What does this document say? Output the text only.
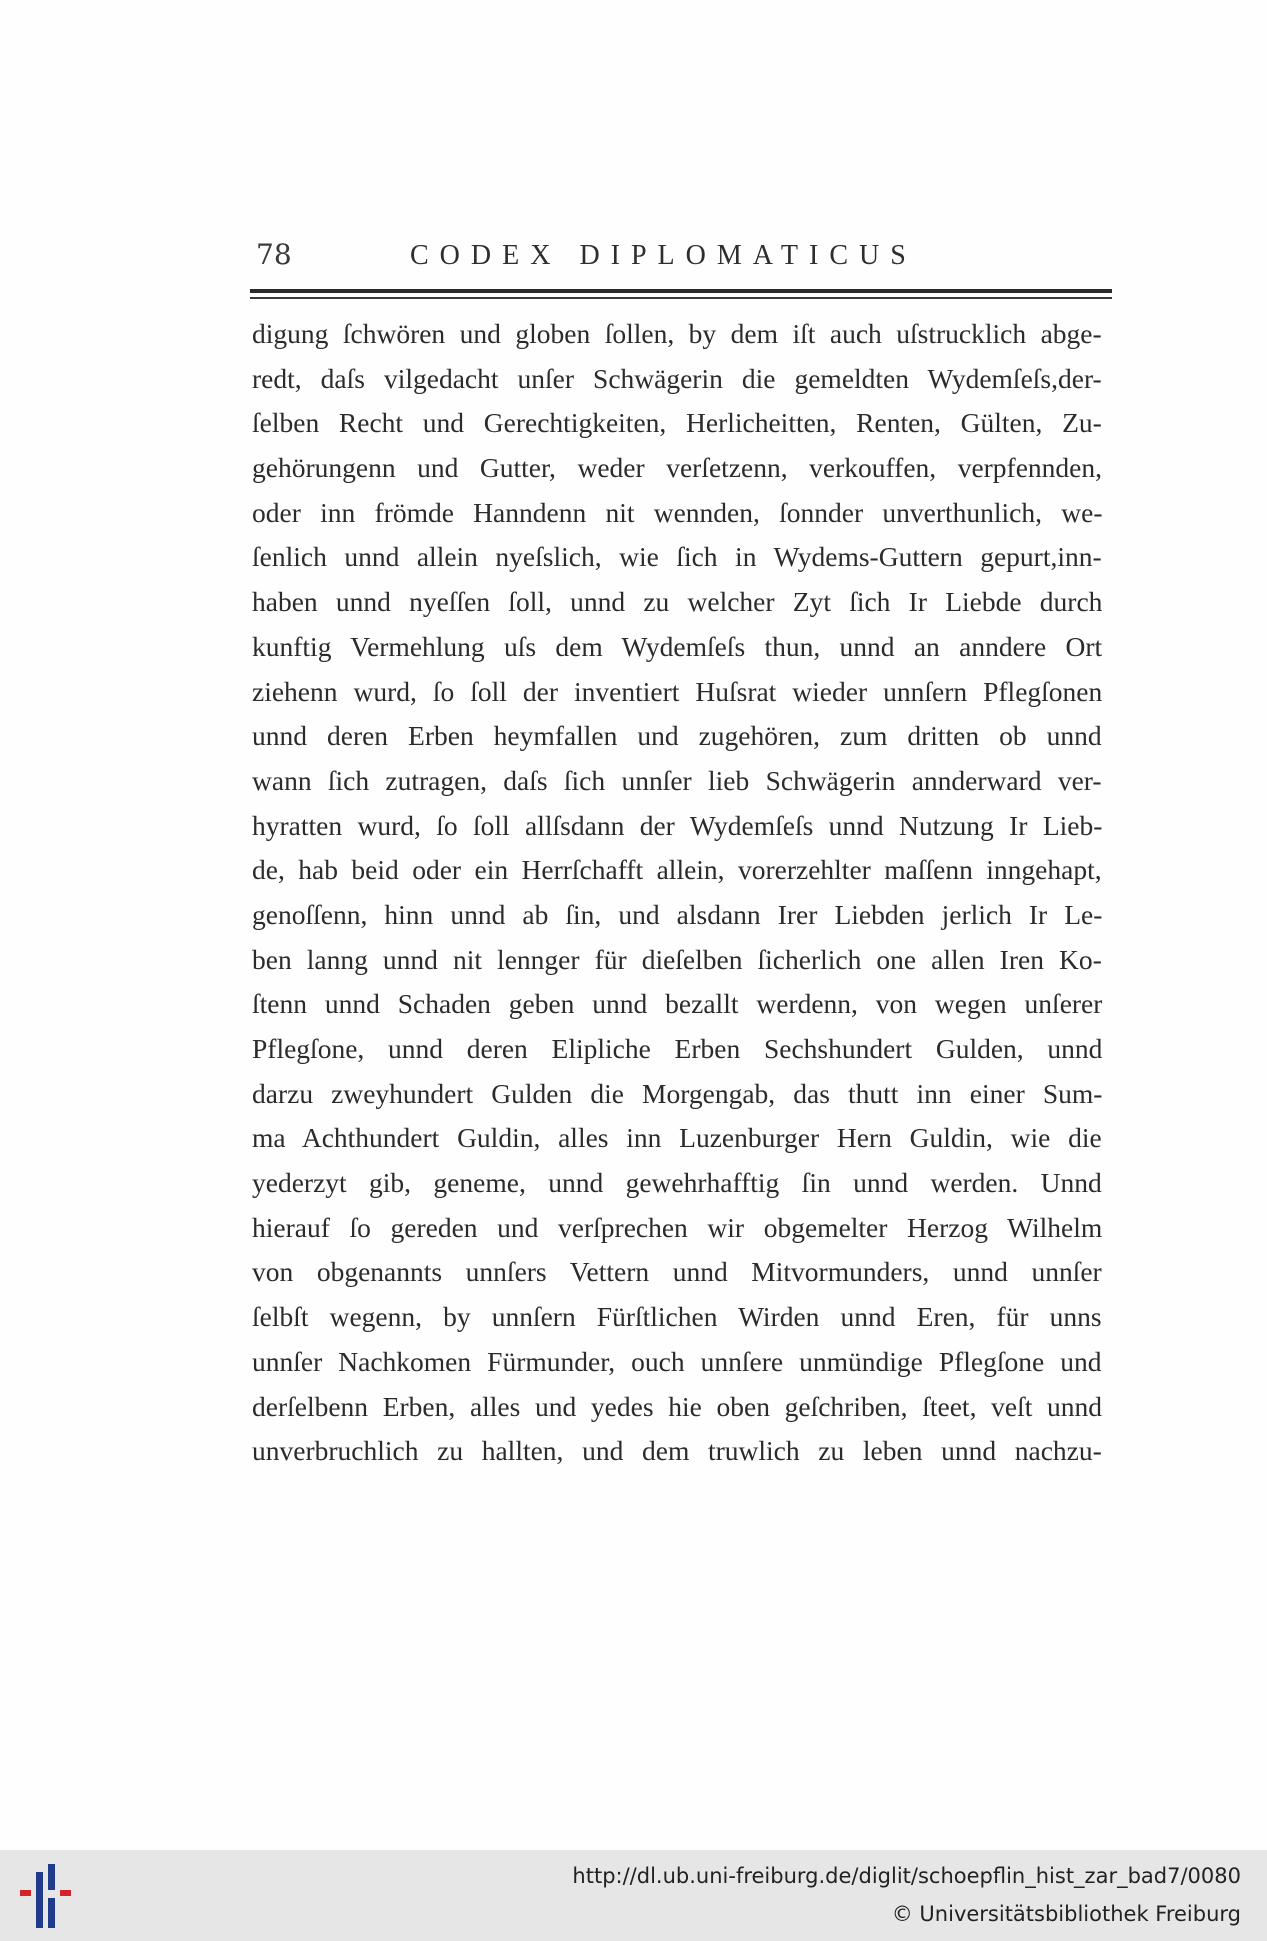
78	CODEX DIPLOMATICUS
digung ſchwören und globen ſollen, by dem iſt auch uſstrucklich abge-
redt, daſs vilgedacht unſer Schwägerin die gemeldten Wydemſeſs,der-
ſelben Recht und Gerechtigkeiten, Herlicheitten, Renten, Gülten, Zu-
gehörungenn und Gutter, weder verſetzenn, verkouffen, verpfennden,
oder inn frömde Hanndenn nit wennden, ſonnder unverthunlich, we-
ſenlich unnd allein nyeſslich, wie ſich in Wydems-Guttern gepurt,inn-
haben unnd nyeſſen ſoll, unnd zu welcher Zyt ſich Ir Liebde durch
kunftig Vermehlung uſs dem Wydemſeſs thun, unnd an anndere Ort
ziehenn wurd, ſo ſoll der inventiert Huſsrat wieder unnſern Pflegſonen
unnd deren Erben heymfallen und zugehören, zum dritten ob unnd
wann ſich zutragen, daſs ſich unnſer lieb Schwägerin annderward ver-
hyratten wurd, ſo ſoll allſsdann der Wydemſeſs unnd Nutzung Ir Lieb-
de, hab beid oder ein Herrſchafft allein, vorerzehlter maſſenn inngehapt,
genoſſenn, hinn unnd ab ſin, und alsdann Irer Liebden jerlich Ir Le-
ben lanng unnd nit lennger für dieſelben ſicherlich one allen Iren Ko-
ſtenn unnd Schaden geben unnd bezallt werdenn, von wegen unſerer
Pflegſone, unnd deren Elipliche Erben Sechshundert Gulden, unnd
darzu zweyhundert Gulden die Morgengab, das thutt inn einer Sum-
ma Achthundert Guldin, alles inn Luzenburger Hern Guldin, wie die
yederzyt gib, geneme, unnd gewehrhafftig ſin unnd werden. Unnd
hierauf ſo gereden und verſprechen wir obgemelter Herzog Wilhelm
von obgenannts unnſers Vettern unnd Mitvormunders, unnd unnſer
ſelbſt wegenn, by unnſern Fürſtlichen Wirden unnd Eren, für unns
unnſer Nachkomen Fürmunder, ouch unnſere unmündige Pflegſone und
derſelbenn Erben, alles und yedes hie oben geſchriben, ſteet, veſt unnd
unverbruchlich zu hallten, und dem truwlich zu leben unnd nachzu-
http://dl.ub.uni-freiburg.de/diglit/schoepflin_hist_zar_bad7/0080
© Universitätsbibliothek Freiburg
